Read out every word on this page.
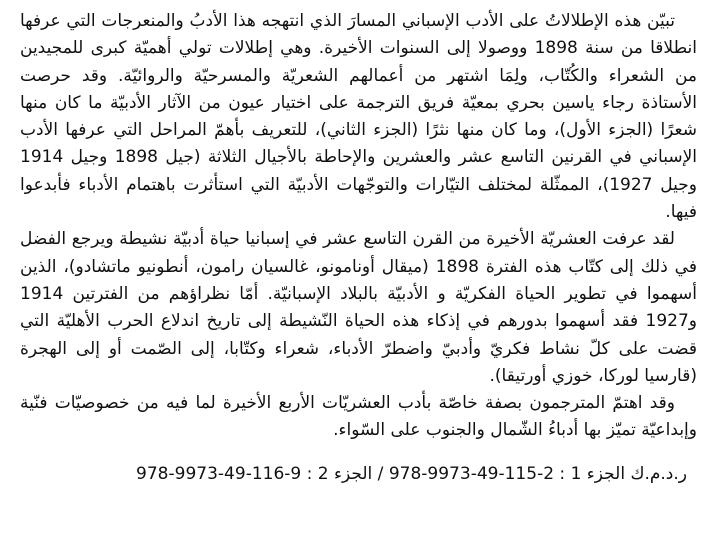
تبيّن هذه الإطلالاتُ على الأدب الإسباني المسارَ الذي انتهجه هذا الأدبُ والمنعرجات التي عرفها انطلاقا من سنة 1898 ووصولا إلى السنوات الأخيرة. وهي إطلالات تولي أهميّة كبرى للمجيدين من الشعراء والكُتّاب، ولِمَا اشتهر من أعمالهم الشعريّة والمسرحيّة والروائيّة. وقد حرصت الأستاذة رجاء ياسين بحري بمعيّة فريق الترجمة على اختيار عيون من الآثار الأدبيّة ما كان منها شعرًا (الجزء الأول)، وما كان منها نثرًا (الجزء الثاني)، للتعريف بأهمّ المراحل التي عرفها الأدب الإسباني في القرنين التاسع عشر والعشرين والإحاطة بالأجيال الثلاثة (جيل 1898 وجيل 1914 وجيل 1927)، الممثّلة لمختلف التيّارات والتوجّهات الأدبيّة التي استأثرت باهتمام الأدباء فأبدعوا فيها.

لقد عرفت العشريّة الأخيرة من القرن التاسع عشر في إسبانيا حياة أدبيّة نشيطة ويرجع الفضل في ذلك إلى كتّاب هذه الفترة 1898 (ميقال أونامونو، غالسيان رامون، أنطونيو ماتشادو)، الذين أسهموا في تطوير الحياة الفكريّة و الأدبيّة بالبلاد الإسبانيّة. أمّا نظراؤهم من الفترتين 1914 و1927 فقد أسهموا بدورهم في إذكاء هذه الحياة النّشيطة إلى تاريخ اندلاع الحرب الأهليّة التي قضت على كلّ نشاط فكريّ وأدبيّ واضطرّ الأدباء، شعراء وكتّابا، إلى الصّمت أو إلى الهجرة (قارسيا لوركا، خوزي أورتيقا).

وقد اهتمّ المترجمون بصفة خاصّة بأدب العشريّات الأربع الأخيرة لما فيه من خصوصيّات فنّية وإبداعيّة تميّز بها أدباءُ الشّمال والجنوب على السّواء.

ر.د.م.ك الجزء 1 : 2-115-49-9973-978 / الجزء 2 : 9-116-49-9973-978
